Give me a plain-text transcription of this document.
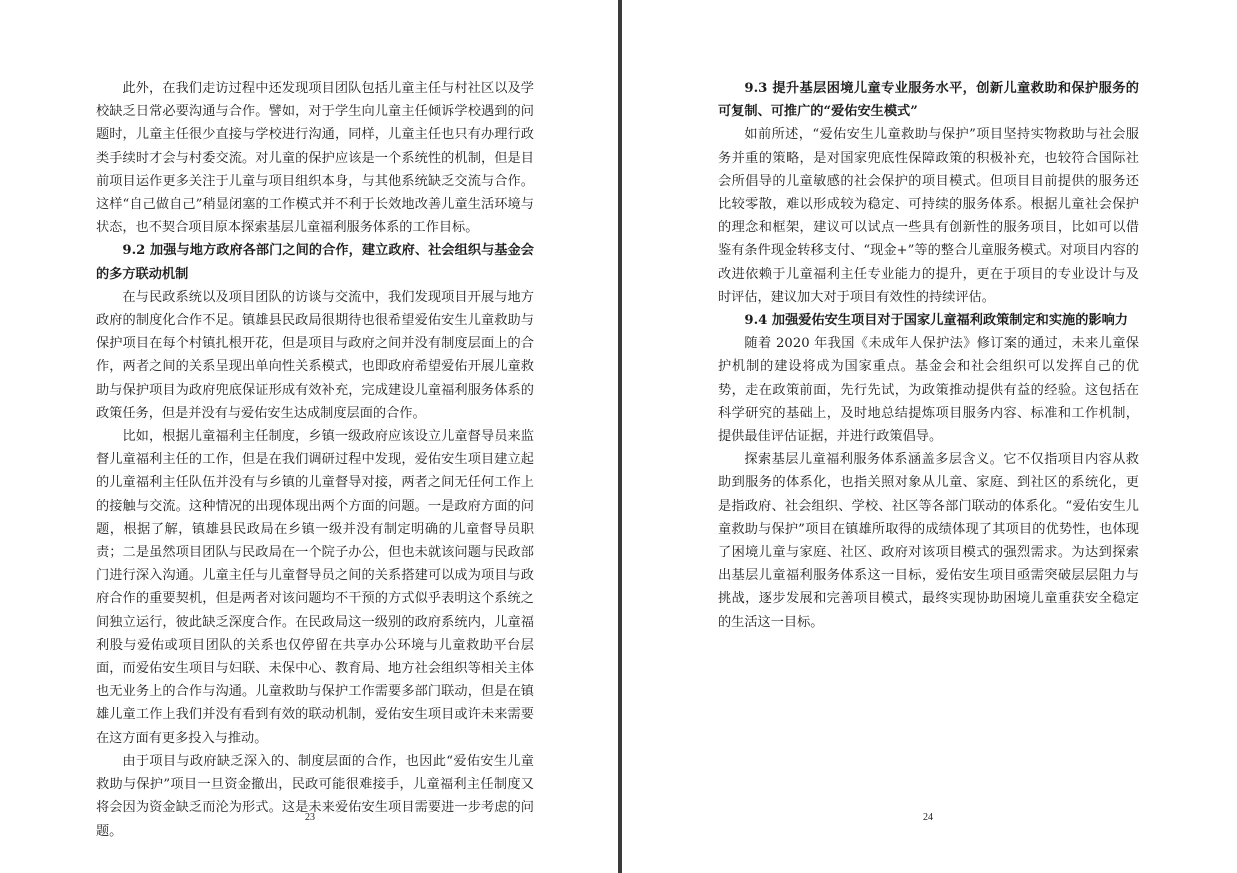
此外，在我们走访过程中还发现项目团队包括儿童主任与村社区以及学校缺乏日常必要沟通与合作。譬如，对于学生向儿童主任倾诉学校遇到的问题时，儿童主任很少直接与学校进行沟通，同样，儿童主任也只有办理行政类手续时才会与村委交流。对儿童的保护应该是一个系统性的机制，但是目前项目运作更多关注于儿童与项目组织本身，与其他系统缺乏交流与合作。这样“自己做自己”稍显闭塞的工作模式并不利于长效地改善儿童生活环境与状态，也不契合项目原本探索基层儿童福利服务体系的工作目标。

9.2 加强与地方政府各部门之间的合作，建立政府、社会组织与基金会的多方联动机制

在与民政系统以及项目团队的访谈与交流中，我们发现项目开展与地方政府的制度化合作不足。镇雄县民政局很期待也很希望爱佑安生儿童救助与保护项目在每个村镇扎根开花，但是项目与政府之间并没有制度层面上的合作，两者之间的关系呈现出单向性关系模式，也即政府希望爱佑开展儿童救助与保护项目为政府兜底保证形成有效补充，完成建设儿童福利服务体系的政策任务，但是并没有与爱佑安生达成制度层面的合作。

比如，根据儿童福利主任制度，乡镇一级政府应该设立儿童督导员来监督儿童福利主任的工作，但是在我们调研过程中发现，爱佑安生项目建立起的儿童福利主任队伍并没有与乡镇的儿童督导对接，两者之间无任何工作上的接触与交流。这种情况的出现体现出两个方面的问题。一是政府方面的问题，根据了解，镇雄县民政局在乡镇一级并没有制定明确的儿童督导员职责；二是虽然项目团队与民政局在一个院子办公，但也未就该问题与民政部门进行深入沟通。儿童主任与儿童督导员之间的关系搭建可以成为项目与政府合作的重要契机，但是两者对该问题均不干预的方式似乎表明这个系统之间独立运行，彼此缺乏深度合作。在民政局这一级别的政府系统内，儿童福利股与爱佑或项目团队的关系也仅停留在共享办公环境与儿童救助平台层面，而爱佑安生项目与妇联、未保中心、教育局、地方社会组织等相关主体也无业务上的合作与沟通。儿童救助与保护工作需要多部门联动，但是在镇雄儿童工作上我们并没有看到有效的联动机制，爱佑安生项目或许未来需要在这方面有更多投入与推动。

由于项目与政府缺乏深入的、制度层面的合作，也因此“爱佑安生儿童救助与保护”项目一旦资金撤出，民政可能很难接手，儿童福利主任制度又将会因为资金缺乏而沦为形式。这是未来爱佑安生项目需要进一步考虑的问题。

23
9.3 提升基层困境儿童专业服务水平，创新儿童救助和保护服务的可复制、可推广的“爱佑安生模式”

如前所述，“爱佑安生儿童救助与保护”项目坚持实物救助与社会服务并重的策略，是对国家兜底性保障政策的积极补充，也较符合国际社会所倡导的儿童敏感的社会保护的项目模式。但项目目前提供的服务还比较零散，难以形成较为稳定、可持续的服务体系。根据儿童社会保护的理念和框架，建议可以试点一些具有创新性的服务项目，比如可以借鉴有条件现金转移支付、“现金+”等的整合儿童服务模式。对项目内容的改进依赖于儿童福利主任专业能力的提升，更在于项目的专业设计与及时评估，建议加大对于项目有效性的持续评估。

9.4 加强爱佑安生项目对于国家儿童福利政策制定和实施的影响力

随着 2020 年我国《未成年人保护法》修订案的通过，未来儿童保护机制的建设将成为国家重点。基金会和社会组织可以发挥自己的优势，走在政策前面，先行先试，为政策推动提供有益的经验。这包括在科学研究的基础上，及时地总结提炼项目服务内容、标准和工作机制，提供最佳评估证据，并进行政策倡导。

探索基层儿童福利服务体系涵盖多层含义。它不仅指项目内容从救助到服务的体系化，也指关照对象从儿童、家庭、到社区的系统化，更是指政府、社会组织、学校、社区等各部门联动的体系化。“爱佑安生儿童救助与保护”项目在镇雄所取得的成绩体现了其项目的优势性，也体现了困境儿童与家庭、社区、政府对该项目模式的强烈需求。为达到探索出基层儿童福利服务体系这一目标，爱佑安生项目亟需突破层层阻力与挑战，逐步发展和完善项目模式，最终实现协助困境儿童重获安全稳定的生活这一目标。

24
